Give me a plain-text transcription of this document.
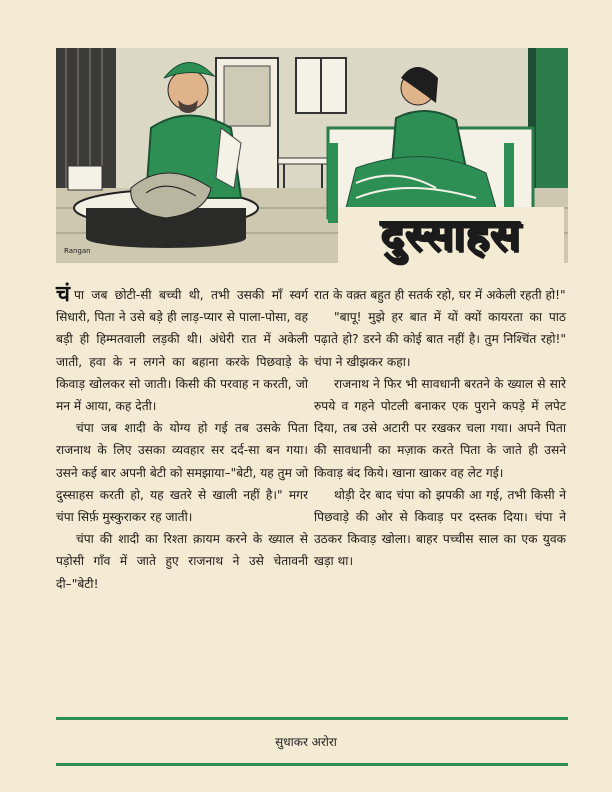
Rangan	दुस्साहस

चंपा जब छोटी-सी बच्ची थी, तभी उसकी माँ स्वर्ग सिधारी, पिता ने उसे बड़े ही लाड़-प्यार से पाला-पोसा, वह बड़ी ही हिम्मतवाली लड़की थी। अंधेरी रात में अकेली जाती, हवा के न लगने का बहाना करके पिछवाड़े के किवाड़ खोलकर सो जाती। किसी की परवाह न करती, जो मन में आया, कह देती।

चंपा जब शादी के योग्य हो गई तब उसके पिता राजनाथ के लिए उसका व्यवहार सर दर्द-सा बन गया। उसने कई बार अपनी बेटी को समझाया–"बेटी, यह तुम जो दुस्साहस करती हो, यह खतरे से खाली नहीं है।" मगर चंपा सिर्फ़ मुस्कुराकर रह जाती।

चंपा की शादी का रिश्ता क़ायम करने के ख्याल से पड़ोसी गाँव में जाते हुए राजनाथ ने उसे चेतावनी दी–"बेटी!

रात के वक़्त बहुत ही सतर्क रहो, घर में अकेली रहती हो!"

"बापू! मुझे हर बात में यों क्यों कायरता का पाठ पढ़ाते हो? डरने की कोई बात नहीं है। तुम निश्चिंत रहो!" चंपा ने खीझकर कहा।

राजनाथ ने फिर भी सावधानी बरतने के ख्याल से सारे रुपये व गहने पोटली बनाकर एक पुराने कपड़े में लपेट दिया, तब उसे अटारी पर रखकर चला गया। अपने पिता की सावधानी का मज़ाक करते पिता के जाते ही उसने किवाड़ बंद किये। खाना खाकर वह लेट गई।

थोड़ी देर बाद चंपा को झपकी आ गई, तभी किसी ने पिछवाड़े की ओर से किवाड़ पर दस्तक दिया। चंपा ने उठकर किवाड़ खोला। बाहर पच्चीस साल का एक युवक खड़ा था।

सुधाकर अरोरा
